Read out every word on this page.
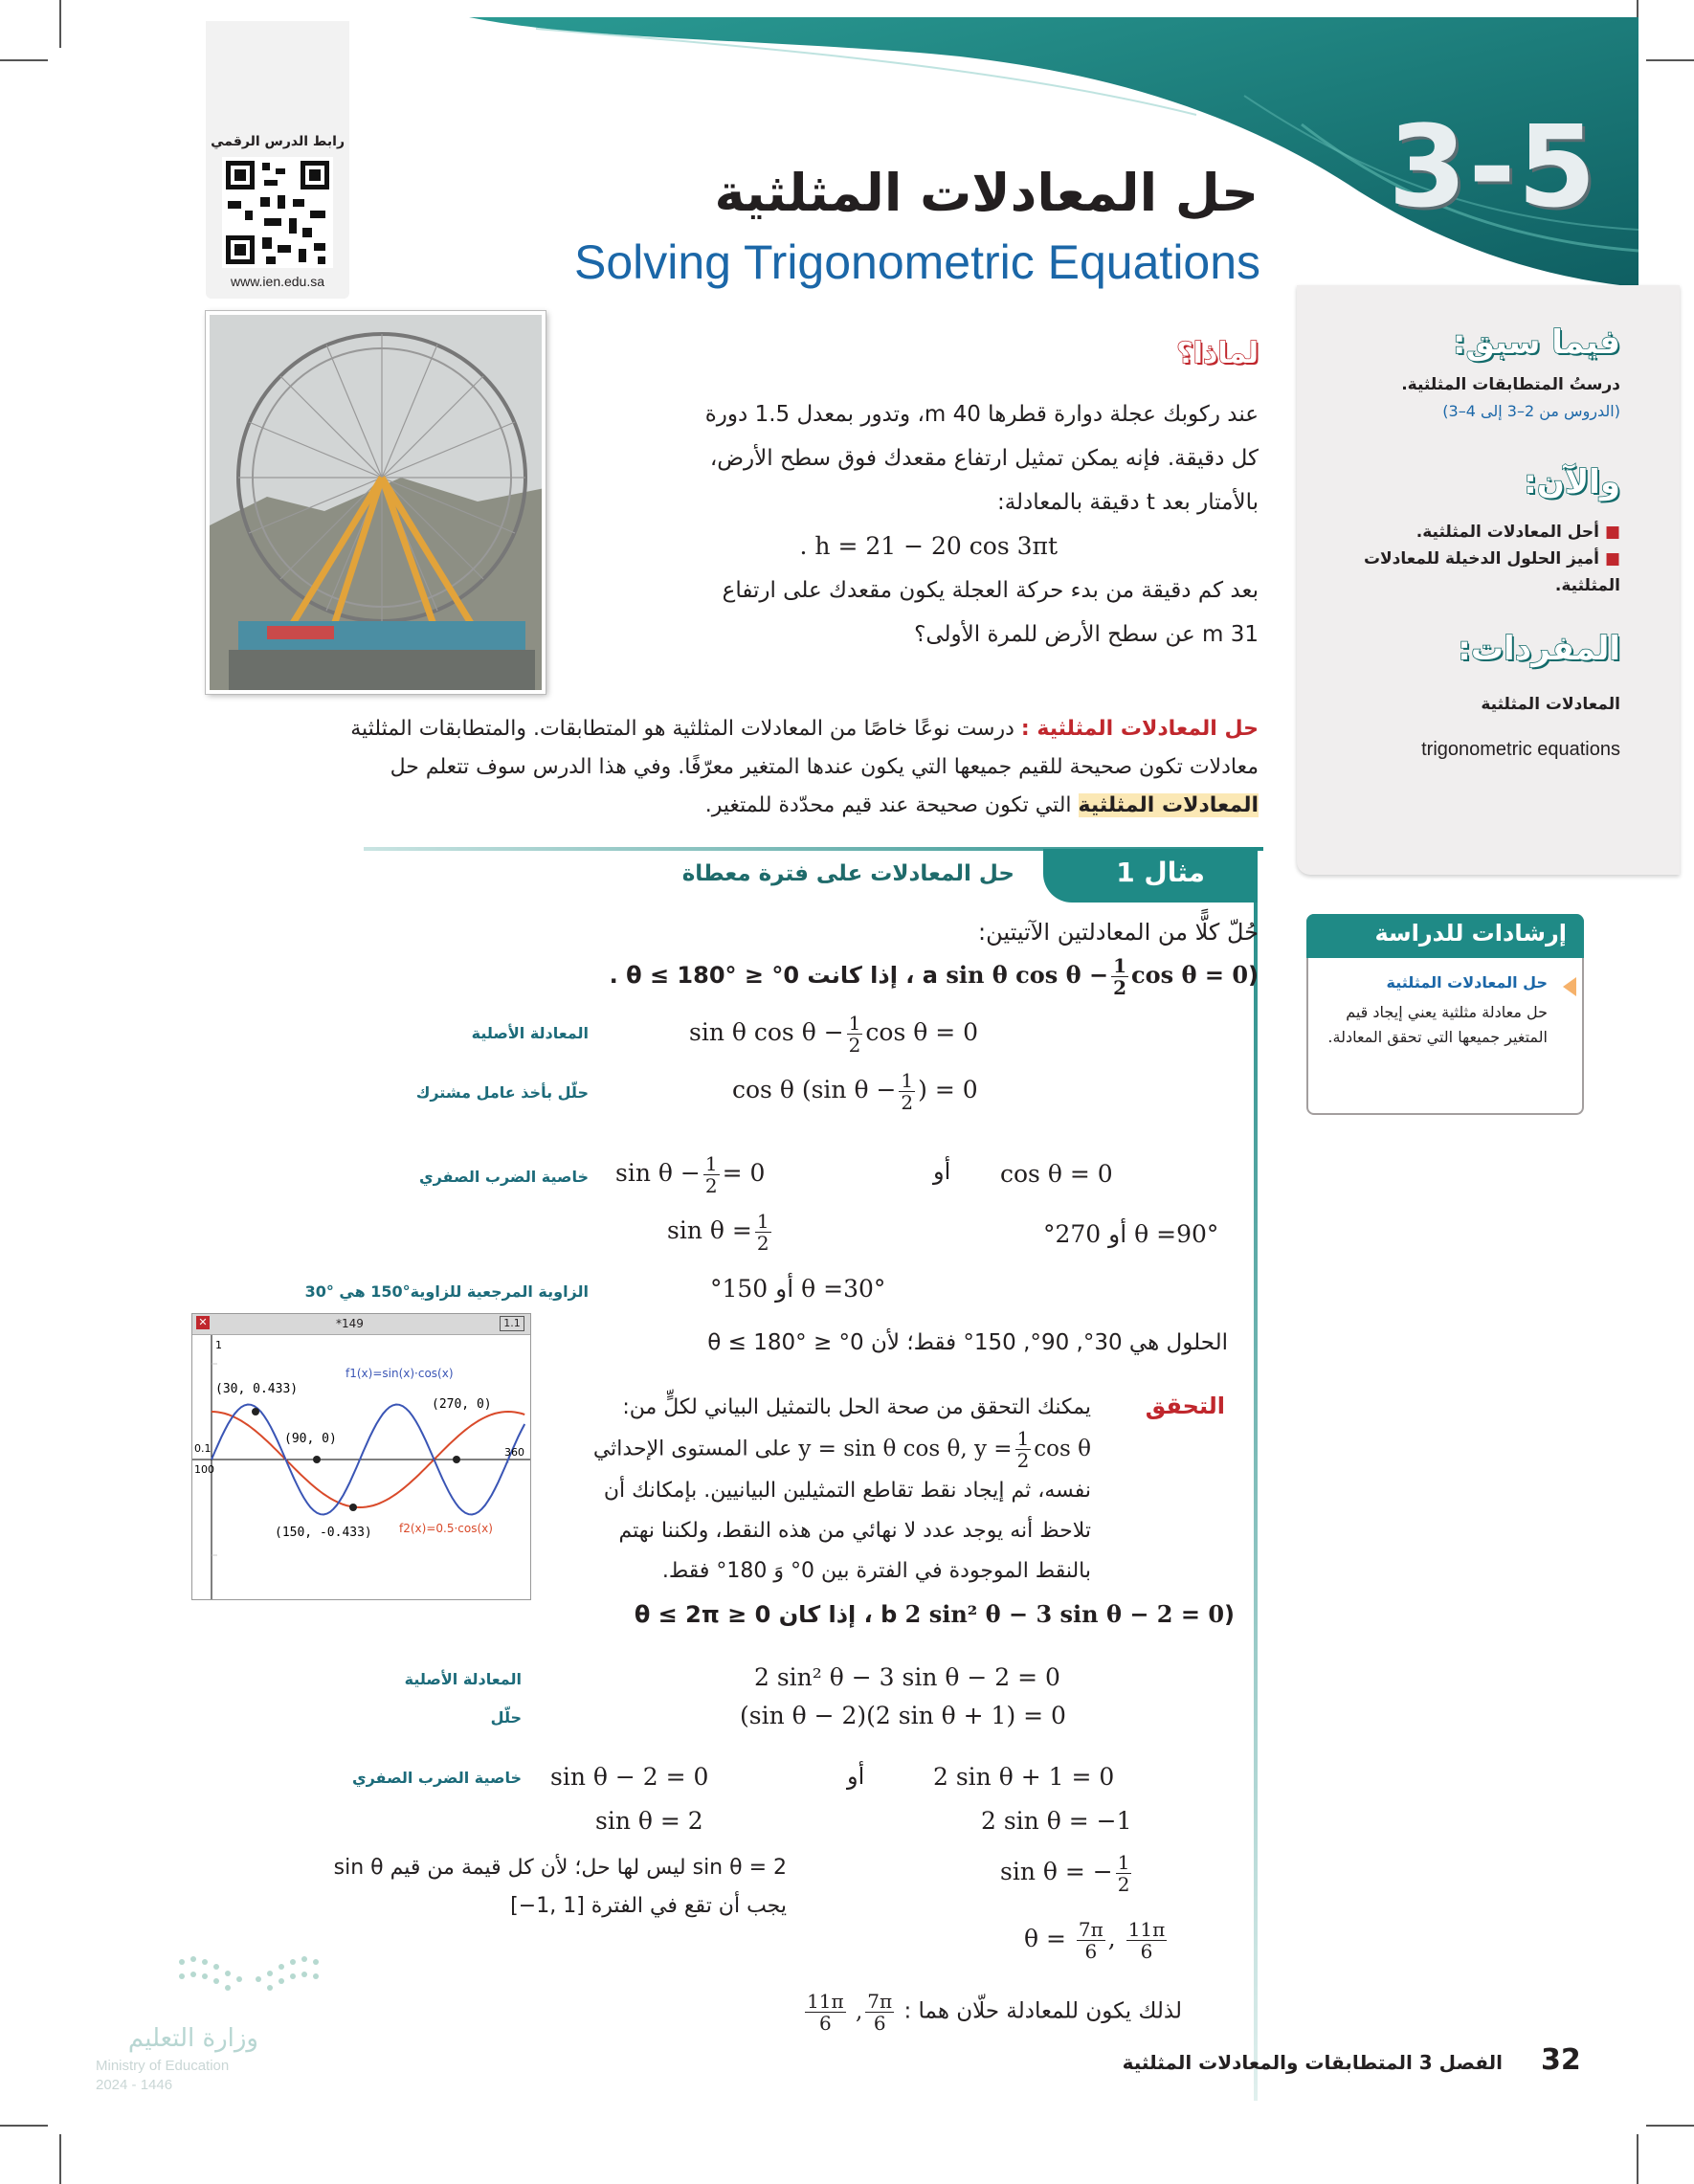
3-5
حل المعادلات المثلثية
Solving Trigonometric Equations
رابط الدرس الرقمي
www.ien.edu.sa
فيما سبق:
درستُ المتطابقات المثلثية.
(الدروس من 2–3 إلى 4–3)
والآن:
■ أحل المعادلات المثلثية.
■ أميز الحلول الدخيلة للمعادلات المثلثية.
المفردات:
المعادلات المثلثية
trigonometric equations
إرشادات للدراسة
حل المعادلات المثلثية
حل معادلة مثلثية يعني إيجاد قيم المتغير جميعها التي تحقق المعادلة.
لماذا؟
عند ركوبك عجلة دوارة قطرها 40 m، وتدور بمعدل 1.5 دورة
كل دقيقة. فإنه يمكن تمثيل ارتفاع مقعدك فوق سطح الأرض،
بالأمتار بعد t دقيقة بالمعادلة:
. h = 21 − 20 cos 3πt
بعد كم دقيقة من بدء حركة العجلة يكون مقعدك على ارتفاع
31 m عن سطح الأرض للمرة الأولى؟
حل المعادلات المثلثية : درست نوعًا خاصًا من المعادلات المثلثية هو المتطابقات. والمتطابقات المثلثية
معادلات تكون صحيحة للقيم جميعها التي يكون عندها المتغير معرّفًا. وفي هذا الدرس سوف تتعلم حل
المعادلات المثلثية التي تكون صحيحة عند قيم محدّدة للمتغير.
مثال 1
حل المعادلات على فترة معطاة
حُلّ كلًّا من المعادلتين الآتيتين:
(a sin θ $\cos \theta - \frac{1}{2}$ cos θ = 0 ، إذا كانت 0° ≤ θ ≤ 180° .
المعادلة الأصلية	sin θ $\cos \theta - \frac{1}{2}$ cos θ = 0
حلّل بأخذ عامل مشترك	cos θ (sin $\theta - \frac{1}{2}$ ) = 0
خاصية الضرب الصفري $\sin \theta - \frac{1}{2} = 0$	أو cos θ = 0
$\sin \theta = \frac{1}{2}$	θ =90° أو 270°
الزاوية المرجعية للزاوية°150 هي °30	θ =30° أو 150°
الحلول هي 30°, 90°, 150° فقط؛ لأن 0° ≤ θ ≤ 180°
✕	*149	1.1
(30, 0.433)
(90, 0)
(270, 0)
(150, -0.433)
f1(x)=sin(x)·cos(x)
f2(x)=0.5·cos(x)
0.1
100
360
1
التحقق
يمكنك التحقق من صحة الحل بالتمثيل البياني لكلٍّ من:
y = sin θ cos θ, $y = \frac{1}{2}$ cos θ على المستوى الإحداثي
نفسه، ثم إيجاد نقط تقاطع التمثيلين البيانيين. بإمكانك أن
تلاحظ أنه يوجد عدد لا نهائي من هذه النقط، ولكننا نهتم
بالنقط الموجودة في الفترة بين 0° وَ 180° فقط.
(b 2 sin² θ − 3 sin θ − 2 = 0 ، إذا كان 0 ≤ θ ≤ 2π
المعادلة الأصلية	2 sin² θ − 3 sin θ − 2 = 0
حلّل	(sin θ − 2)(2 sin θ + 1) = 0
خاصية الضرب الصفري sin θ − 2 = 0	أو	2 sin θ + 1 = 0
sin θ = 2	2 sin θ = −1
sin θ = 2 ليس لها حل؛ لأن كل قيمة من قيم sin θ
يجب أن تقع في الفترة [1 ,1−]
sin θ = − $\frac{1}{2}$
$\theta = \frac{7\pi}{6}$ , $\frac{11\pi}{6}$
لذلك يكون للمعادلة حلّان هما :
$\frac{7\pi}{6}$
,
$\frac{11\pi}{6}$
وزارة التعليم
Ministry of Education
2024 - 1446
32
الفصل 3 المتطابقات والمعادلات المثلثية
